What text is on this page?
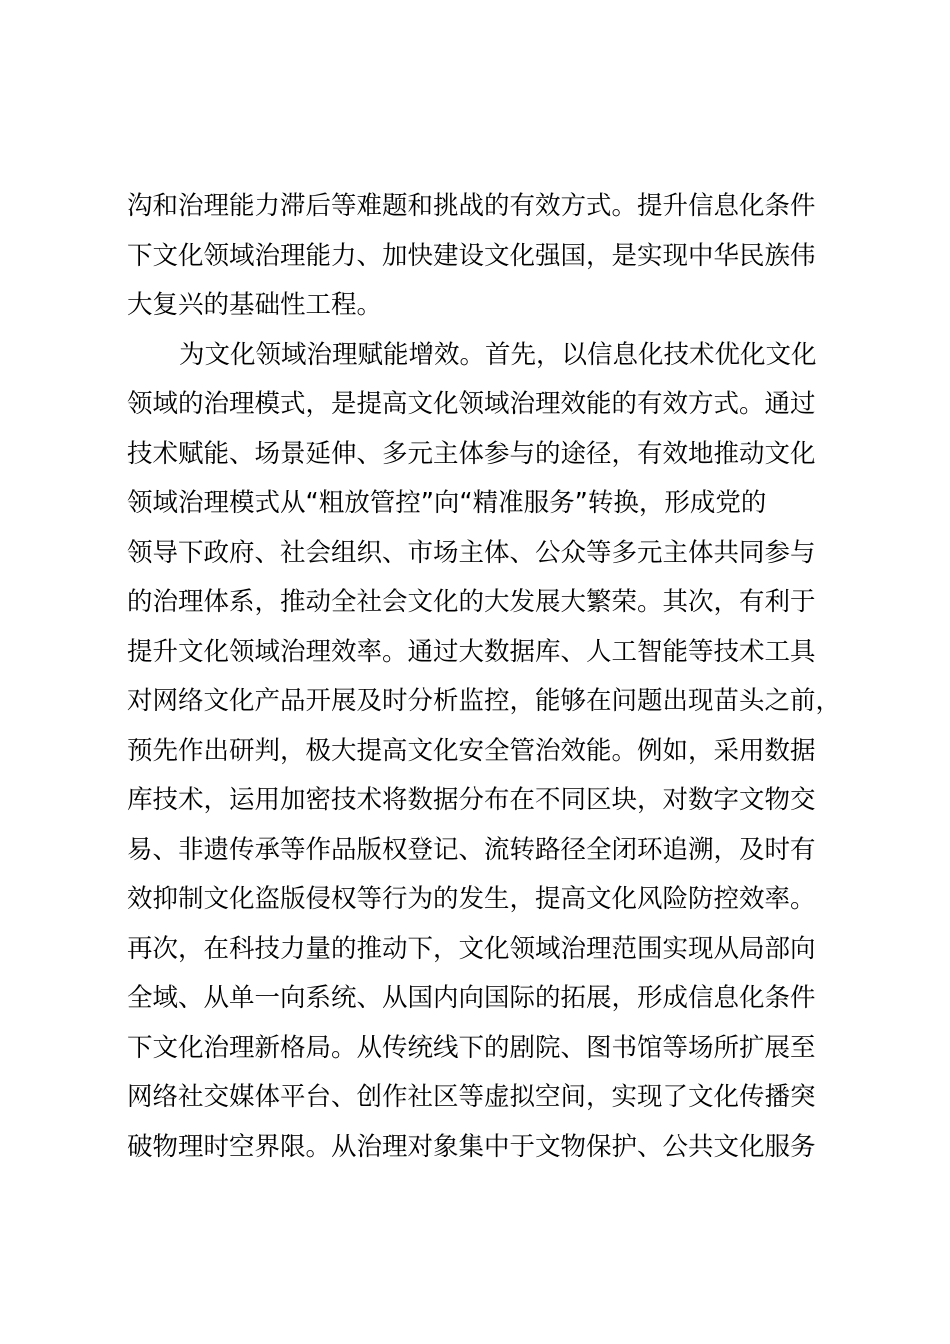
沟和治理能力滞后等难题和挑战的有效方式。提升信息化条件
下文化领域治理能力、加快建设文化强国，是实现中华民族伟
大复兴的基础性工程。
为文化领域治理赋能增效。首先，以信息化技术优化文化
领域的治理模式，是提高文化领域治理效能的有效方式。通过
技术赋能、场景延伸、多元主体参与的途径，有效地推动文化
领域治理模式从“粗放管控”向“精准服务”转换，形成党的
领导下政府、社会组织、市场主体、公众等多元主体共同参与
的治理体系，推动全社会文化的大发展大繁荣。其次，有利于
提升文化领域治理效率。通过大数据库、人工智能等技术工具
对网络文化产品开展及时分析监控，能够在问题出现苗头之前，
预先作出研判，极大提高文化安全管治效能。例如，采用数据
库技术，运用加密技术将数据分布在不同区块，对数字文物交
易、非遗传承等作品版权登记、流转路径全闭环追溯，及时有
效抑制文化盗版侵权等行为的发生，提高文化风险防控效率。
再次，在科技力量的推动下，文化领域治理范围实现从局部向
全域、从单一向系统、从国内向国际的拓展，形成信息化条件
下文化治理新格局。从传统线下的剧院、图书馆等场所扩展至
网络社交媒体平台、创作社区等虚拟空间，实现了文化传播突
破物理时空界限。从治理对象集中于文物保护、公共文化服务
